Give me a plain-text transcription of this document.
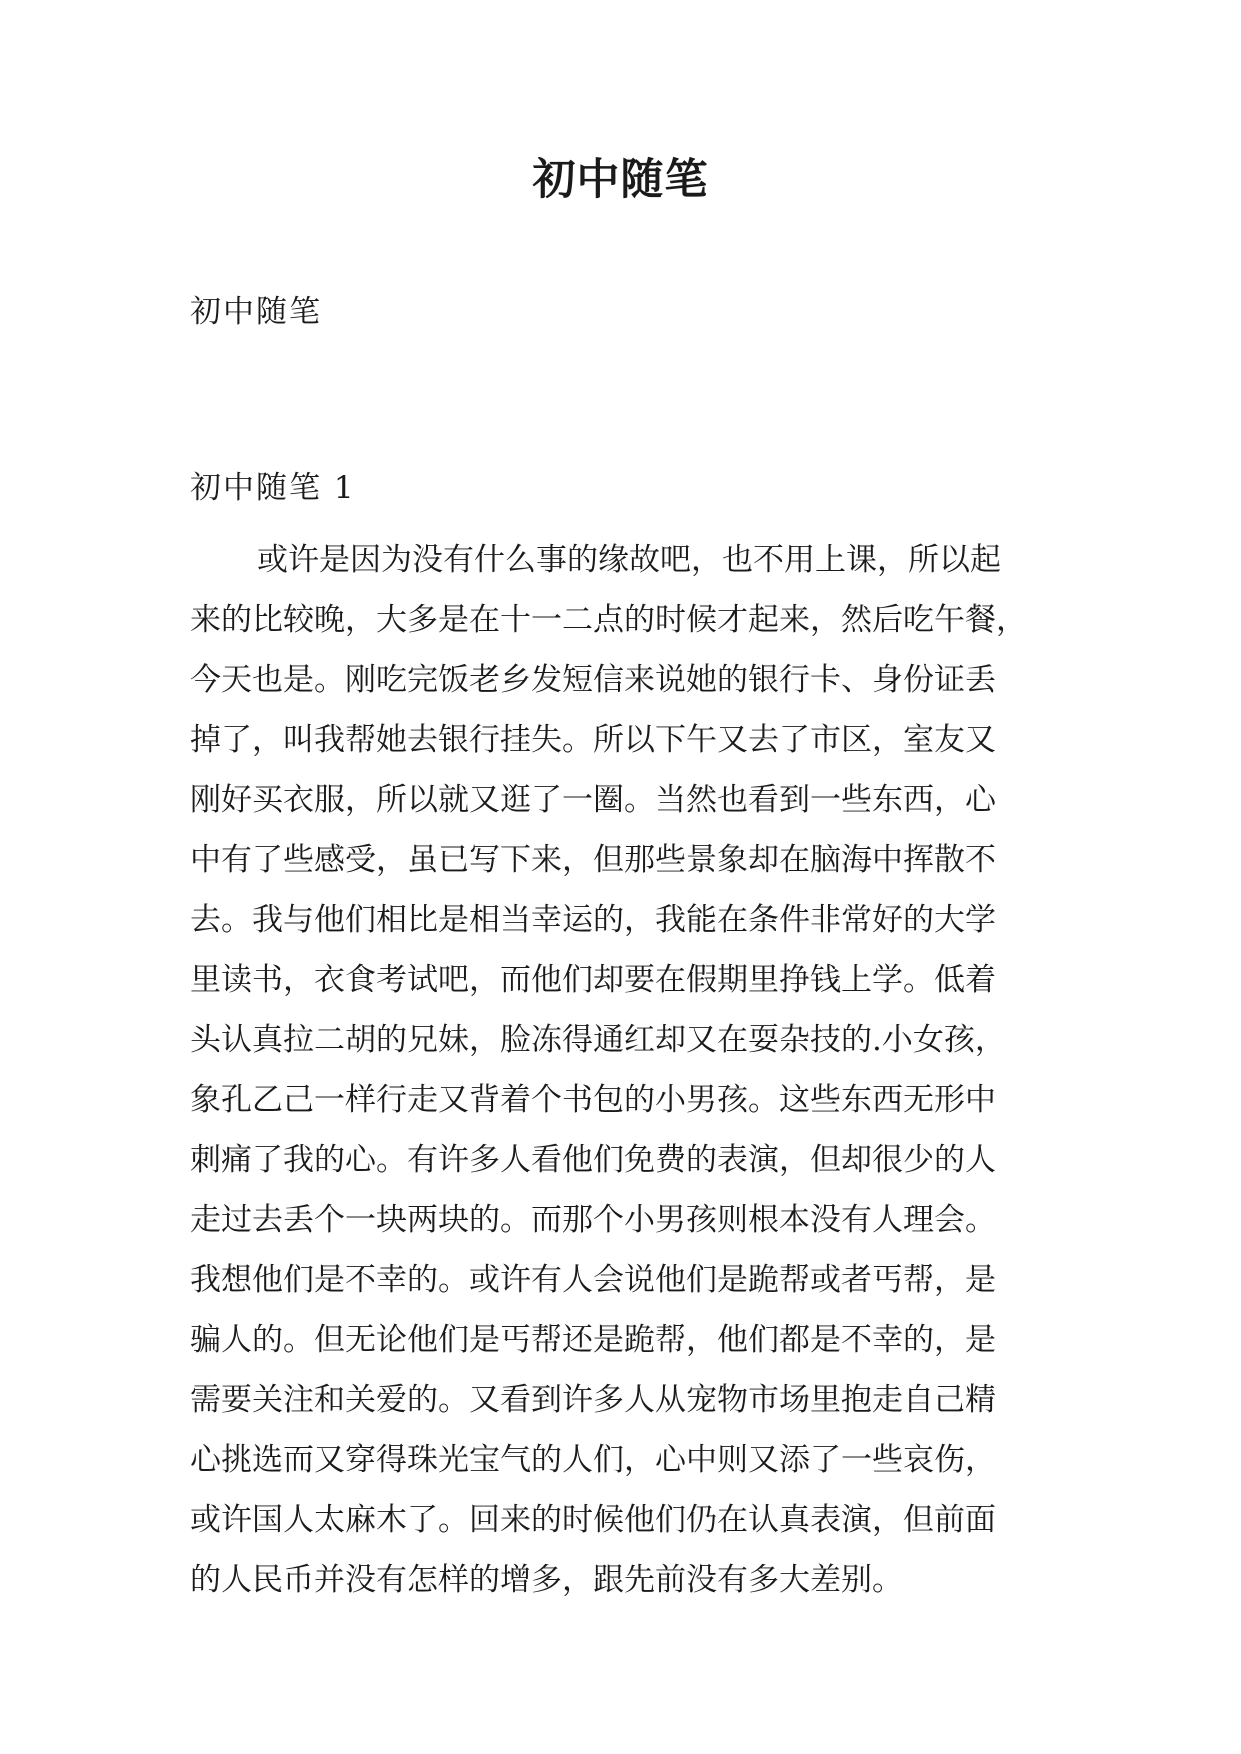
初中随笔
初中随笔
初中随笔 1
或许是因为没有什么事的缘故吧，也不用上课，所以起
来的比较晚，大多是在十一二点的时候才起来，然后吃午餐，
今天也是。刚吃完饭老乡发短信来说她的银行卡、身份证丢
掉了，叫我帮她去银行挂失。所以下午又去了市区，室友又
刚好买衣服，所以就又逛了一圈。当然也看到一些东西，心
中有了些感受，虽已写下来，但那些景象却在脑海中挥散不
去。我与他们相比是相当幸运的，我能在条件非常好的大学
里读书，衣食考试吧，而他们却要在假期里挣钱上学。低着
头认真拉二胡的兄妹，脸冻得通红却又在耍杂技的.小女孩，
象孔乙己一样行走又背着个书包的小男孩。这些东西无形中
刺痛了我的心。有许多人看他们免费的表演，但却很少的人
走过去丢个一块两块的。而那个小男孩则根本没有人理会。
我想他们是不幸的。或许有人会说他们是跪帮或者丐帮，是
骗人的。但无论他们是丐帮还是跪帮，他们都是不幸的，是
需要关注和关爱的。又看到许多人从宠物市场里抱走自己精
心挑选而又穿得珠光宝气的人们，心中则又添了一些哀伤，
或许国人太麻木了。回来的时候他们仍在认真表演，但前面
的人民币并没有怎样的增多，跟先前没有多大差别。
